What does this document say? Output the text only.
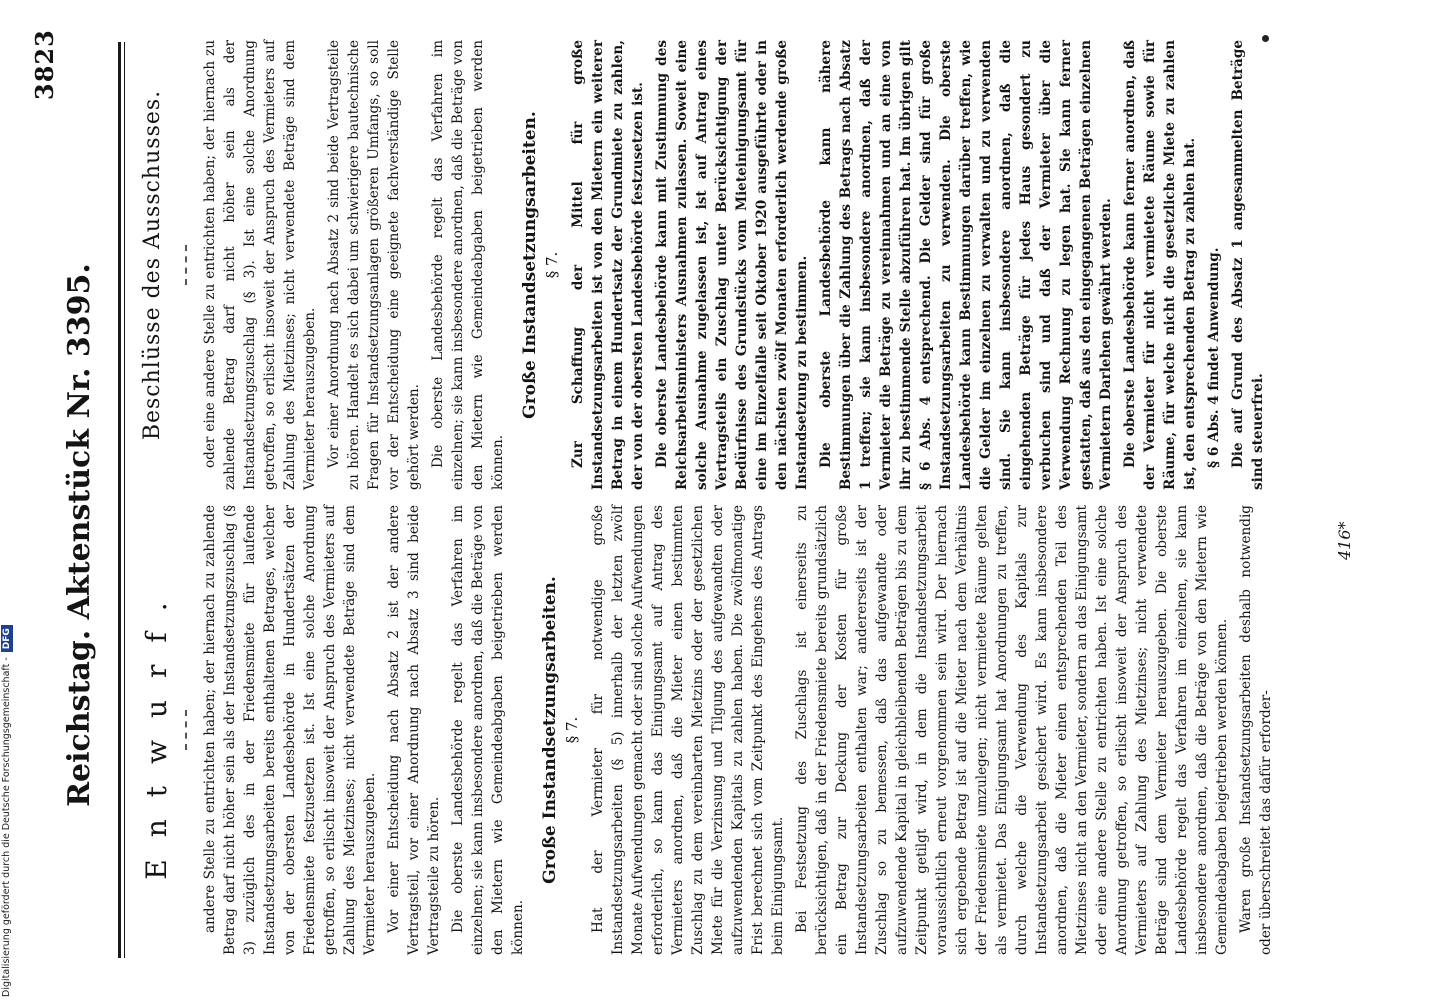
3823
Reichstag. Aktenstück Nr. 3395. Entwurf.
Beschlüsse des Ausschusses.

andere Stelle zu entrichten haben; der hiernach zu zahlende Betrag darf nicht höher sein als der Instandsetzungszuschlag (§ 3) zuzüglich des in der Friedensmiete für laufende Instandsetzungsarbeiten bereits enthaltenen Betrages, welcher von der obersten Landesbehörde in Hundertsätzen der Friedensmiete festzusetzen ist. Ist eine solche Anordnung getroffen, so erlischt insoweit der Anspruch des Vermieters auf Zahlung des Mietzinses; nicht verwendete Beträge sind dem Vermieter herauszugeben. Vor einer Entscheidung nach Absatz 2 ist der andere Vertragsteil, vor einer Anordnung nach Absatz 3 sind beide Vertragsteile zu hören. Die oberste Landesbehörde regelt das Verfahren im einzelnen; sie kann insbesondere anordnen, daß die Beträge von den Mietern wie Gemeindeabgaben beigetrieben werden können.

Große Instandsetzungsarbeiten. § 7. Hat der Vermieter für notwendige große Instandsetzungsarbeiten (§ 5) innerhalb der letzten zwölf Monate Aufwendungen gemacht oder sind solche Aufwendungen erforderlich, so kann das Einigungsamt auf Antrag des Vermieters anordnen, daß die Mieter einen bestimmten Zuschlag zu dem vereinbarten Mietzins oder der gesetzlichen Miete für die Verzinsung und Tilgung des aufgewandten oder aufzuwendenden Kapitals zu zahlen haben. Die zwölfmonatige Frist berechnet sich vom Zeitpunkt des Eingehens des Antrags beim Einigungsamt. Bei Festsetzung des Zuschlags ist einerseits zu berücksichtigen, daß in der Friedensmiete bereits grundsätzlich ein Betrag zur Deckung der Kosten für große Instandsetzungsarbeiten enthalten war; andererseits ist der Zuschlag so zu bemessen, daß das aufgewandte oder aufzuwendende Kapital in gleichbleibenden Beträgen bis zu dem Zeitpunkt getilgt wird, in dem die Instandsetzungsarbeit voraussichtlich erneut vorgenommen sein wird. Der hiernach sich ergebende Betrag ist auf die Mieter nach dem Verhältnis der Friedensmiete umzulegen; nicht vermietete Räume gelten als vermietet. Das Einigungsamt hat Anordnungen zu treffen, durch welche die Verwendung des Kapitals zur Instandsetzungsarbeit gesichert wird. Es kann insbesondere anordnen, daß die Mieter einen entsprechenden Teil des Mietzinses nicht an den Vermieter, sondern an das Einigungsamt oder eine andere Stelle zu entrichten haben. Ist eine solche Anordnung getroffen, so erlischt insoweit der Anspruch des Vermieters auf Zahlung des Mietzinses; nicht verwendete Beträge sind dem Vermieter herauszugeben. Die oberste Landesbehörde regelt das Verfahren im einzelnen, sie kann insbesondere anordnen, daß die Beträge von den Mietern wie Gemeindeabgaben beigetrieben werden können. Waren große Instandsetzungsarbeiten deshalb notwendig oder überschreitet das dafür erforder-

oder eine andere Stelle zu entrichten haben; der hiernach zu zahlende Betrag darf nicht höher sein als der Instandsetzungszuschlag (§ 3). Ist eine solche Anordnung getroffen, so erlischt insoweit der Anspruch des Vermieters auf Zahlung des Mietzinses; nicht verwendete Beträge sind dem Vermieter herauszugeben. Vor einer Anordnung nach Absatz 2 sind beide Vertragsteile zu hören. Handelt es sich dabei um schwierigere bautechnische Fragen für Instandsetzungsanlagen größeren Umfangs, so soll vor der Entscheidung eine geeignete fachverständige Stelle gehört werden. Die oberste Landesbehörde regelt das Verfahren im einzelnen; sie kann insbesondere anordnen, daß die Beträge von den Mietern wie Gemeindeabgaben beigetrieben werden können.

Große Instandsetzungsarbeiten. § 7. Zur Schaffung der Mittel für große Instandsetzungsarbeiten ist von den Mietern ein weiterer Betrag in einem Hundertsatz der Grundmiete zu zahlen, der von der obersten Landesbehörde festzusetzen ist. Die oberste Landesbehörde kann mit Zustimmung des Reichsarbeitsministers Ausnahmen zulassen. Soweit eine solche Ausnahme zugelassen ist, ist auf Antrag eines Vertragsteils ein Zuschlag unter Berücksichtigung der Bedürfnisse des Grundstücks vom Mieteinigungsamt für eine im Einzelfalle seit Oktober 1920 ausgeführte oder in den nächsten zwölf Monaten erforderlich werdende große Instandsetzung zu bestimmen. Die oberste Landesbehörde kann nähere Bestimmungen über die Zahlung des Betrags nach Absatz 1 treffen; sie kann insbesondere anordnen, daß der Vermieter die Beträge zu vereinnahmen und an eine von ihr zu bestimmende Stelle abzuführen hat. Im übrigen gilt § 6 Abs. 4 entsprechend. Die Gelder sind für große Instandsetzungsarbeiten zu verwenden. Die oberste Landesbehörde kann Bestimmungen darüber treffen, wie die Gelder im einzelnen zu verwalten und zu verwenden sind. Sie kann insbesondere anordnen, daß die eingehenden Beträge für jedes Haus gesondert zu verbuchen sind und daß der Vermieter über die Verwendung Rechnung zu legen hat. Sie kann ferner gestatten, daß aus den eingegangenen Beträgen einzelnen Vermietern Darlehen gewährt werden. Die oberste Landesbehörde kann ferner anordnen, daß der Vermieter für nicht vermietete Räume sowie für Räume, für welche nicht die gesetzliche Miete zu zahlen ist, den entsprechenden Betrag zu zahlen hat. § 6 Abs. 4 findet Anwendung. Die auf Grund des Absatz 1 angesammelten Beträge sind steuerfrei.

416*
Digitalisierung gefördert durch die Deutsche Forschungsgemeinschaft - DFG
